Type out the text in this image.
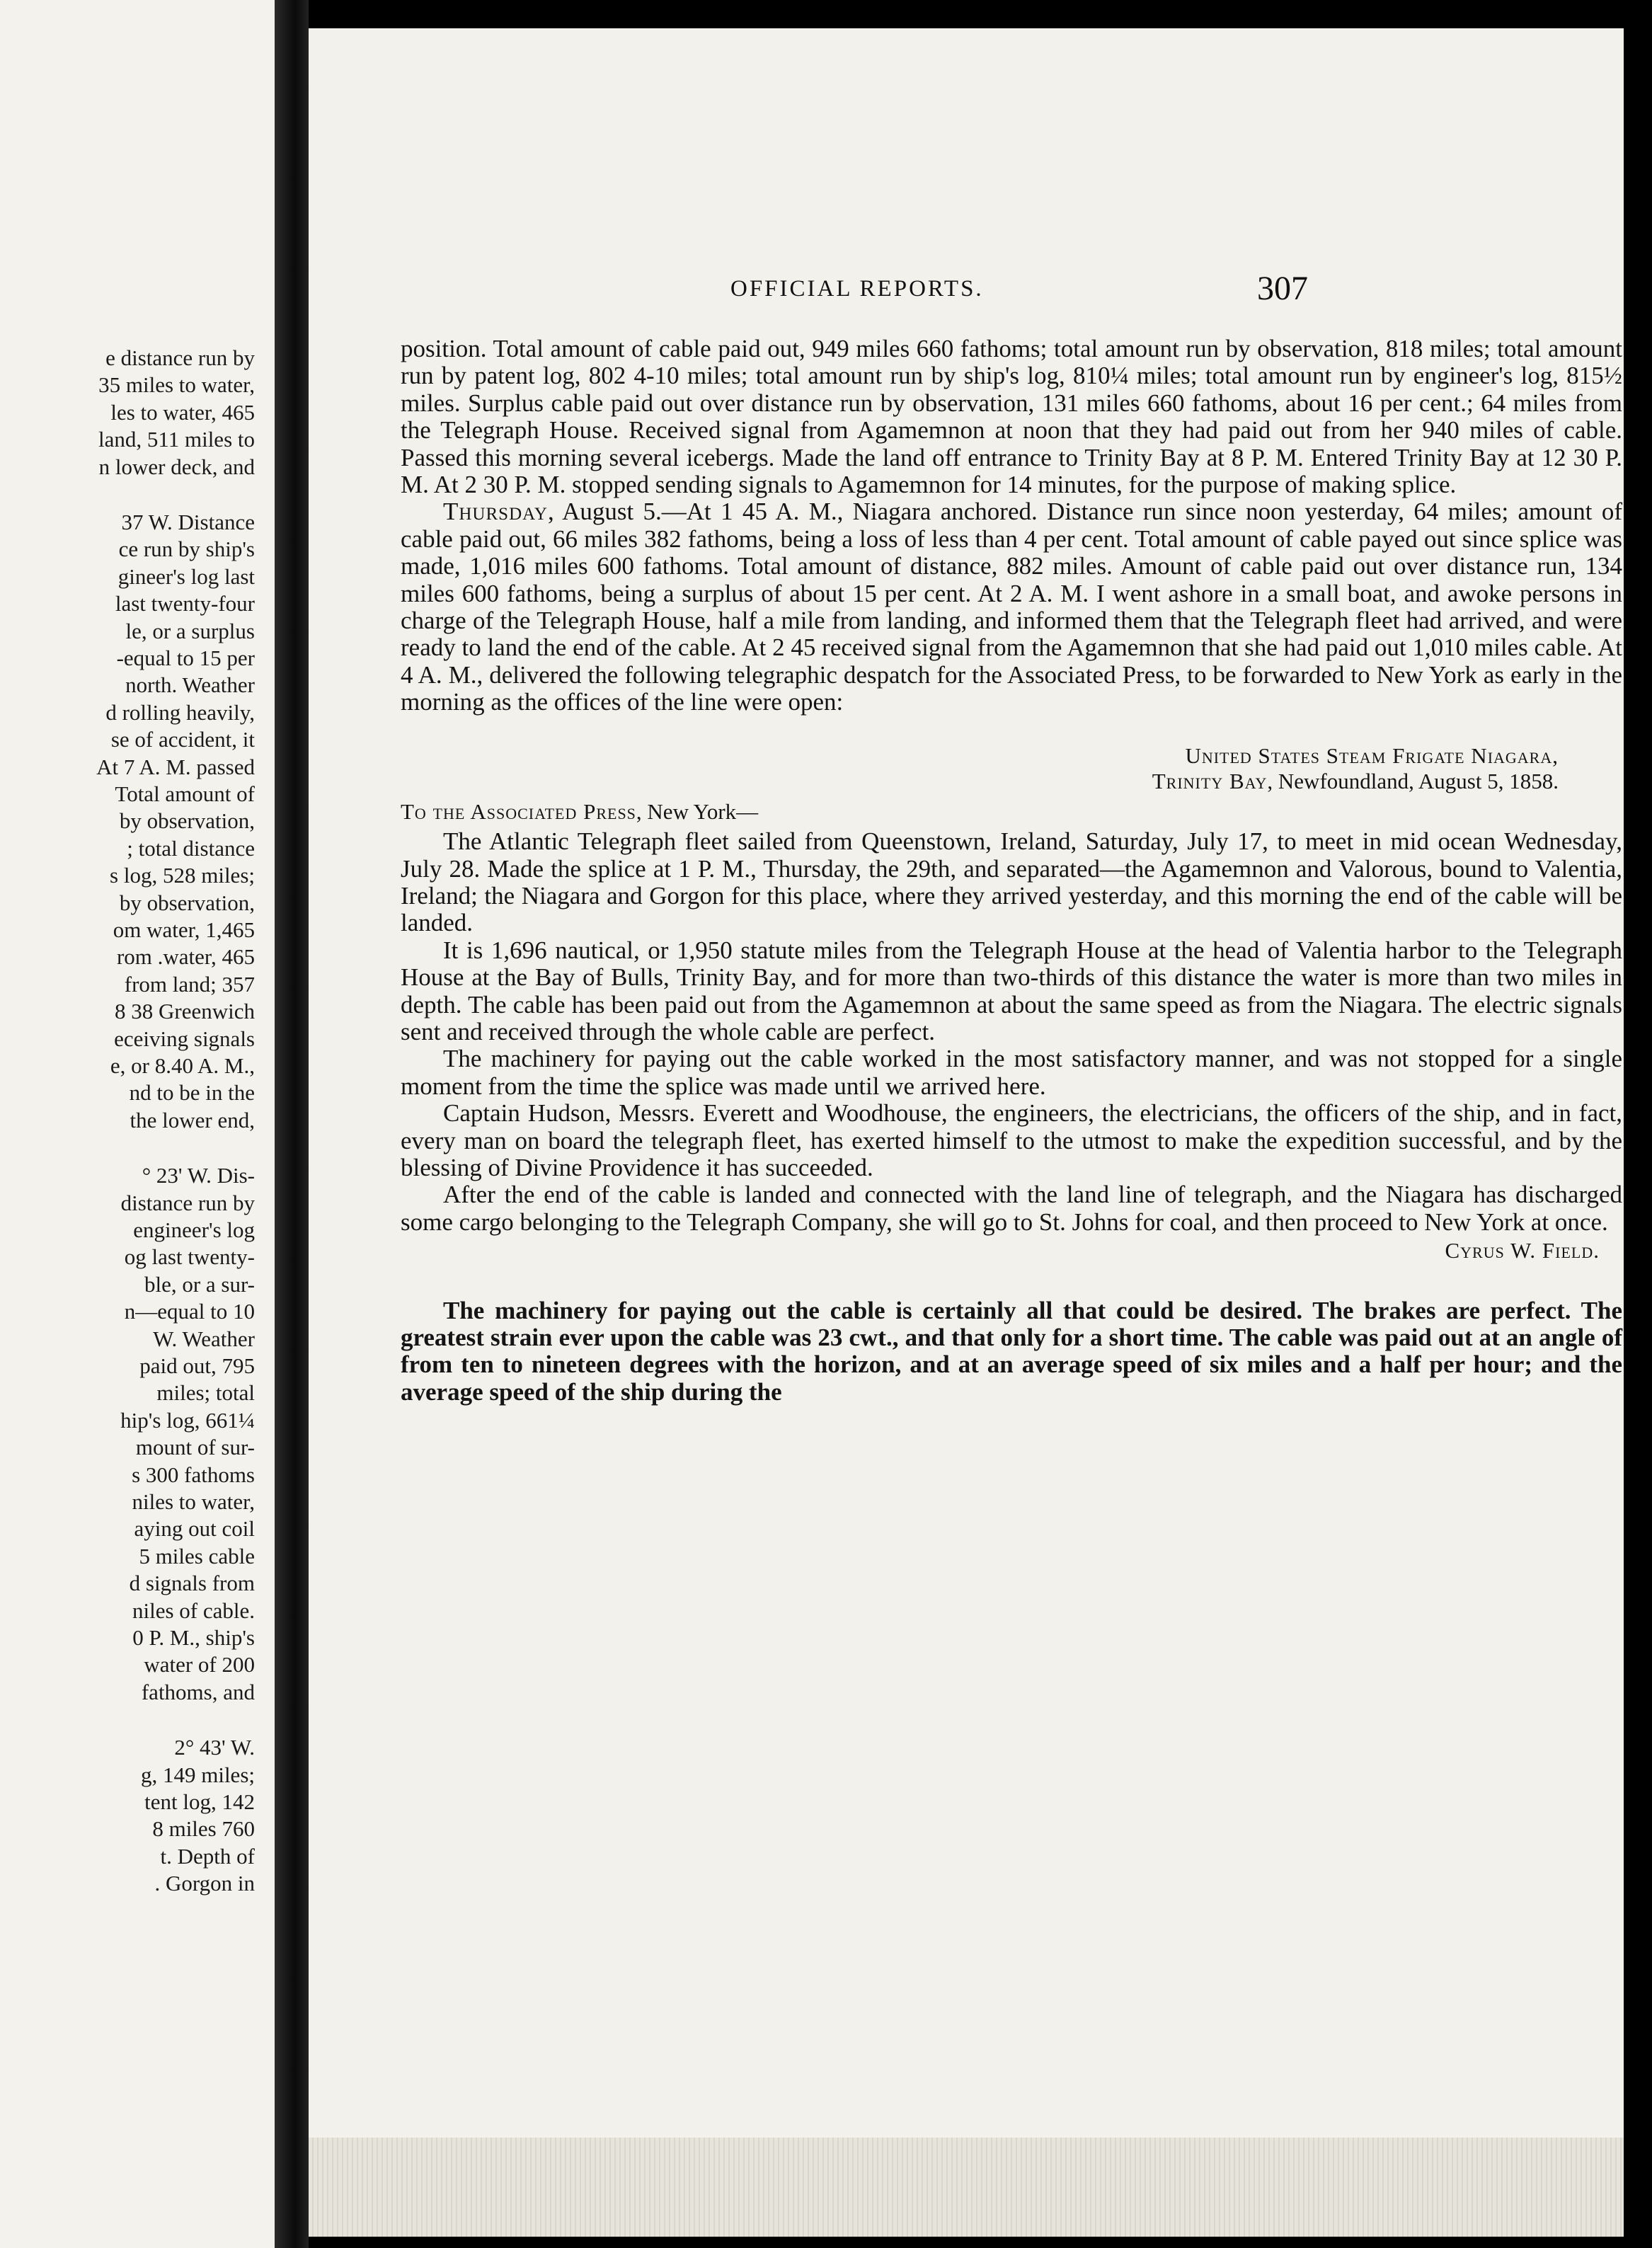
e distance run by
35 miles to water,
les to water, 465
land, 511 miles to
n lower deck, and
37 W. Distance
ce run by ship's
gineer's log last
last twenty-four
le, or a surplus
-equal to 15 per
north. Weather
d rolling heavily,
se of accident, it
At 7 A. M. passed
Total amount of
by observation,
; total distance
s log, 528 miles;
by observation,
om water, 1,465
rom .water, 465
from land; 357
8 38 Greenwich
eceiving signals
e, or 8.40 A. M.,
nd to be in the
the lower end,
° 23' W. Dis-
distance run by
engineer's log
og last twenty-
ble, or a sur-
n—equal to 10
W. Weather
paid out, 795
miles; total
hip's log, 661¼
mount of sur-
s 300 fathoms
niles to water,
aying out coil
5 miles cable
d signals from
niles of cable.
0 P. M., ship's
water of 200
fathoms, and
2° 43' W.
g, 149 miles;
tent log, 142
8 miles 760
t. Depth of
. Gorgon in
OFFICIAL REPORTS.	307

position. Total amount of cable paid out, 949 miles 660 fathoms; total amount run by observation, 818 miles; total amount run by patent log, 802 4-10 miles; total amount run by ship's log, 810¼ miles; total amount run by engineer's log, 815½ miles. Surplus cable paid out over distance run by observation, 131 miles 660 fathoms, about 16 per cent.; 64 miles from the Telegraph House. Received signal from Agamemnon at noon that they had paid out from her 940 miles of cable. Passed this morning several icebergs. Made the land off entrance to Trinity Bay at 8 P. M. Entered Trinity Bay at 12 30 P. M. At 2 30 P. M. stopped sending signals to Agamemnon for 14 minutes, for the purpose of making splice.

Thursday, August 5.—At 1 45 A. M., Niagara anchored. Distance run since noon yesterday, 64 miles; amount of cable paid out, 66 miles 382 fathoms, being a loss of less than 4 per cent. Total amount of cable payed out since splice was made, 1,016 miles 600 fathoms. Total amount of distance, 882 miles. Amount of cable paid out over distance run, 134 miles 600 fathoms, being a surplus of about 15 per cent. At 2 A. M. I went ashore in a small boat, and awoke persons in charge of the Telegraph House, half a mile from landing, and informed them that the Telegraph fleet had arrived, and were ready to land the end of the cable. At 2 45 received signal from the Agamemnon that she had paid out 1,010 miles cable. At 4 A. M., delivered the following telegraphic despatch for the Associated Press, to be forwarded to New York as early in the morning as the offices of the line were open:

United States Steam Frigate Niagara,
Trinity Bay, Newfoundland, August 5, 1858.
To the Associated Press, New York—

The Atlantic Telegraph fleet sailed from Queenstown, Ireland, Saturday, July 17, to meet in mid ocean Wednesday, July 28. Made the splice at 1 P. M., Thursday, the 29th, and separated—the Agamemnon and Valorous, bound to Valentia, Ireland; the Niagara and Gorgon for this place, where they arrived yesterday, and this morning the end of the cable will be landed.

It is 1,696 nautical, or 1,950 statute miles from the Telegraph House at the head of Valentia harbor to the Telegraph House at the Bay of Bulls, Trinity Bay, and for more than two-thirds of this distance the water is more than two miles in depth. The cable has been paid out from the Agamemnon at about the same speed as from the Niagara. The electric signals sent and received through the whole cable are perfect.

The machinery for paying out the cable worked in the most satisfactory manner, and was not stopped for a single moment from the time the splice was made until we arrived here.

Captain Hudson, Messrs. Everett and Woodhouse, the engineers, the electricians, the officers of the ship, and in fact, every man on board the telegraph fleet, has exerted himself to the utmost to make the expedition successful, and by the blessing of Divine Providence it has succeeded.

After the end of the cable is landed and connected with the land line of telegraph, and the Niagara has discharged some cargo belonging to the Telegraph Company, she will go to St. Johns for coal, and then proceed to New York at once.

Cyrus W. Field.

The machinery for paying out the cable is certainly all that could be desired. The brakes are perfect. The greatest strain ever upon the cable was 23 cwt., and that only for a short time. The cable was paid out at an angle of from ten to nineteen degrees with the horizon, and at an average speed of six miles and a half per hour; and the average speed of the ship during the
